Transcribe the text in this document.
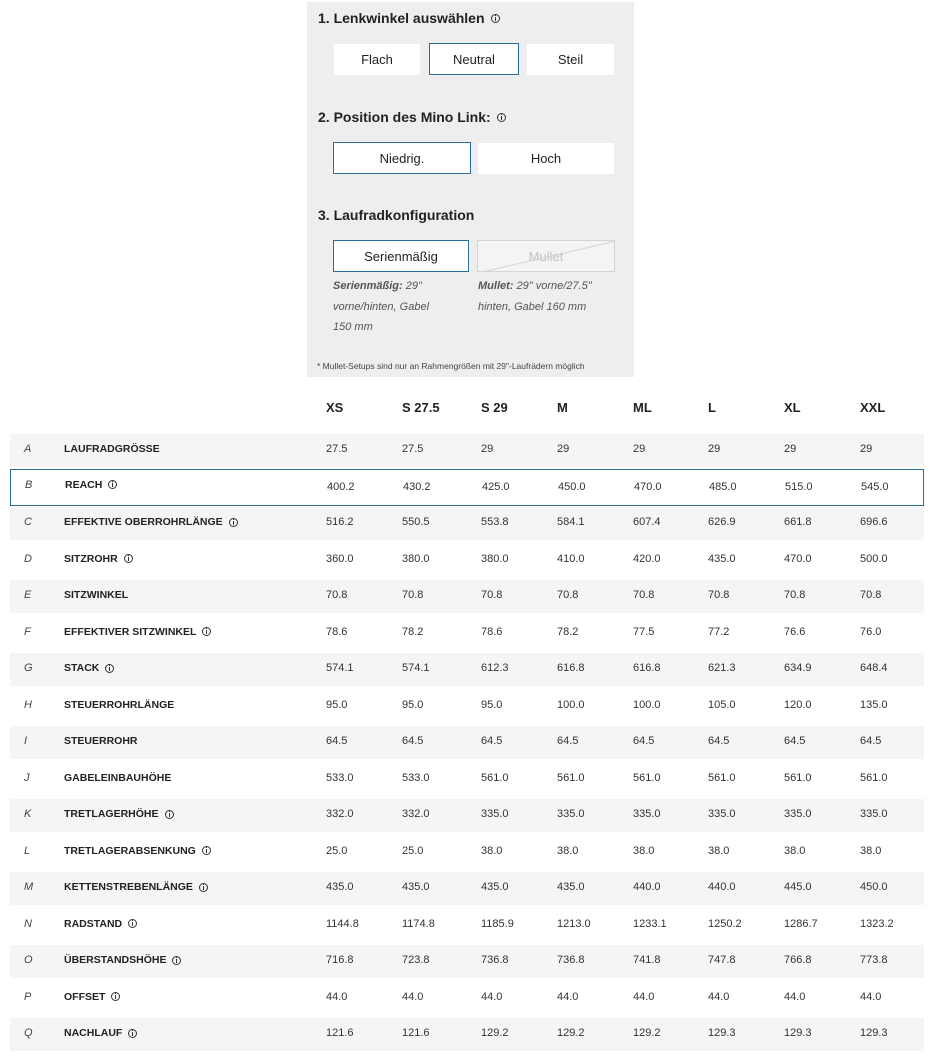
1. Lenkwinkel auswählen
Flach	Neutral	Steil
2. Position des Mino Link:
Niedrig.	Hoch
3. Laufradkonfiguration
Serienmäßig	Mullet
Serienmäßig: 29" vorne/hinten, Gabel 150 mm
Mullet: 29" vorne/27.5" hinten, Gabel 160 mm
* Mullet-Setups sind nur an Rahmengrößen mit 29"-Laufrädern möglich
XS	S 27.5	S 29	M	ML	L	XL	XXL
A	LAUFRADGRÖSSE	27.5	27.5	29	29	29	29	29	29
B	REACH	400.2	430.2	425.0	450.0	470.0	485.0	515.0	545.0
C	EFFEKTIVE OBERROHRLÄNGE	516.2	550.5	553.8	584.1	607.4	626.9	661.8	696.6
D	SITZROHR	360.0	380.0	380.0	410.0	420.0	435.0	470.0	500.0
E	SITZWINKEL	70.8	70.8	70.8	70.8	70.8	70.8	70.8	70.8
F	EFFEKTIVER SITZWINKEL	78.6	78.2	78.6	78.2	77.5	77.2	76.6	76.0
G	STACK	574.1	574.1	612.3	616.8	616.8	621.3	634.9	648.4
H	STEUERROHRLÄNGE	95.0	95.0	95.0	100.0	100.0	105.0	120.0	135.0
I	STEUERROHR	64.5	64.5	64.5	64.5	64.5	64.5	64.5	64.5
J	GABELEINBAUHÖHE	533.0	533.0	561.0	561.0	561.0	561.0	561.0	561.0
K	TRETLAGERHÖHE	332.0	332.0	335.0	335.0	335.0	335.0	335.0	335.0
L	TRETLAGERABSENKUNG	25.0	25.0	38.0	38.0	38.0	38.0	38.0	38.0
M	KETTENSTREBENLÄNGE	435.0	435.0	435.0	435.0	440.0	440.0	445.0	450.0
N	RADSTAND	1144.8	1174.8	1185.9	1213.0	1233.1	1250.2	1286.7	1323.2
O	ÜBERSTANDSHÖHE	716.8	723.8	736.8	736.8	741.8	747.8	766.8	773.8
P	OFFSET	44.0	44.0	44.0	44.0	44.0	44.0	44.0	44.0
Q	NACHLAUF	121.6	121.6	129.2	129.2	129.2	129.3	129.3	129.3
